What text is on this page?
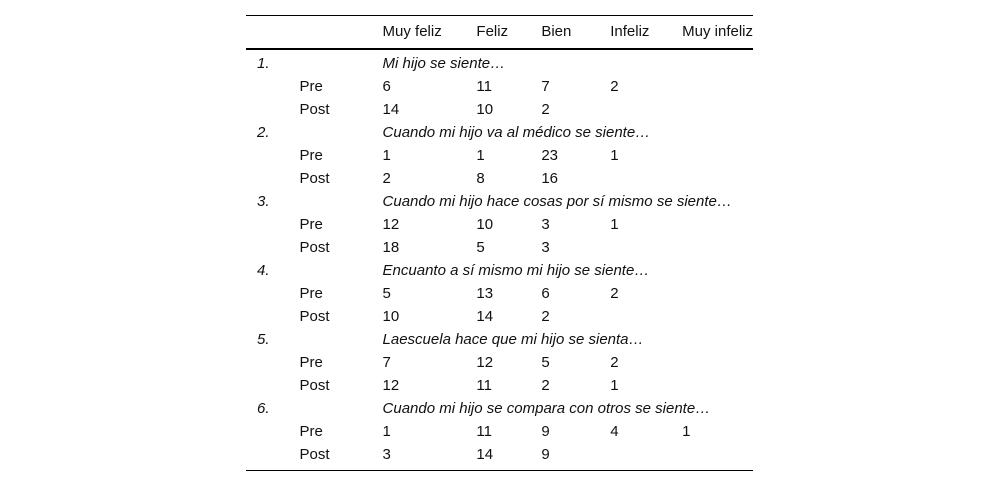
		Muy feliz	Feliz	Bien	Infeliz	Muy infeliz
1.		Mi hijo se siente…				
	Pre	6	11	7	2	
	Post	14	10	2		
2.		Cuando mi hijo va al médico se siente…				
	Pre	1	1	23	1	
	Post	2	8	16		
3.		Cuando mi hijo hace cosas por sí mismo se siente…				
	Pre	12	10	3	1	
	Post	18	5	3		
4.		Encuanto a sí mismo mi hijo se siente…				
	Pre	5	13	6	2	
	Post	10	14	2		
5.		Laescuela hace que mi hijo se sienta…				
	Pre	7	12	5	2	
	Post	12	11	2	1	
6.		Cuando mi hijo se compara con otros se siente…				
	Pre	1	11	9	4	1
	Post	3	14	9		
